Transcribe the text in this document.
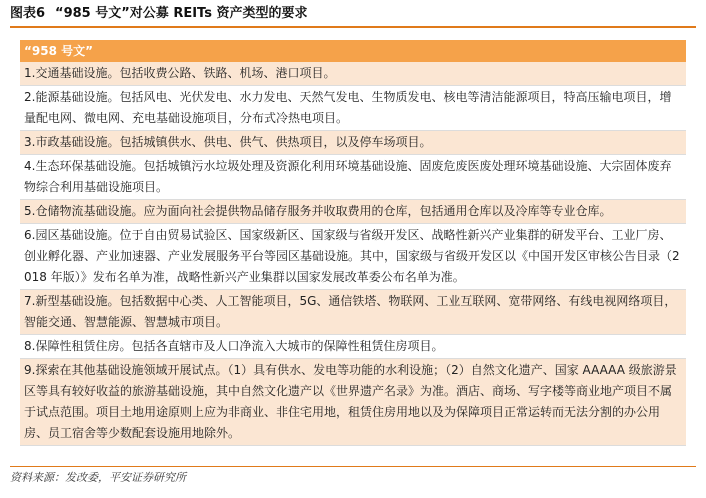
图表6 “985 号文”对公募 REITs 资产类型的要求
“958 号文”
1.交通基础设施。包括收费公路、铁路、机场、港口项目。
2.能源基础设施。包括风电、光伏发电、水力发电、天然气发电、生物质发电、核电等清洁能源项目，特高压输电项目，增量配电网、微电网、充电基础设施项目，分布式冷热电项目。
3.市政基础设施。包括城镇供水、供电、供气、供热项目，以及停车场项目。
4.生态环保基础设施。包括城镇污水垃圾处理及资源化利用环境基础设施、固废危废医废处理环境基础设施、大宗固体废弃物综合利用基础设施项目。
5.仓储物流基础设施。应为面向社会提供物品储存服务并收取费用的仓库，包括通用仓库以及冷库等专业仓库。
6.园区基础设施。位于自由贸易试验区、国家级新区、国家级与省级开发区、战略性新兴产业集群的研发平台、工业厂房、创业孵化器、产业加速器、产业发展服务平台等园区基础设施。其中，国家级与省级开发区以《中国开发区审核公告目录（2018 年版）》发布名单为准，战略性新兴产业集群以国家发展改革委公布名单为准。
7.新型基础设施。包括数据中心类、人工智能项目，5G、通信铁塔、物联网、工业互联网、宽带网络、有线电视网络项目，智能交通、智慧能源、智慧城市项目。
8.保障性租赁住房。包括各直辖市及人口净流入大城市的保障性租赁住房项目。
9.探索在其他基础设施领域开展试点。（1）具有供水、发电等功能的水利设施；（2）自然文化遗产、国家 AAAAA 级旅游景区等具有较好收益的旅游基础设施，其中自然文化遗产以《世界遗产名录》为准。酒店、商场、写字楼等商业地产项目不属于试点范围。项目土地用途原则上应为非商业、非住宅用地，租赁住房用地以及为保障项目正常运转而无法分割的办公用房、员工宿舍等少数配套设施用地除外。
资料来源：发改委，平安证券研究所
